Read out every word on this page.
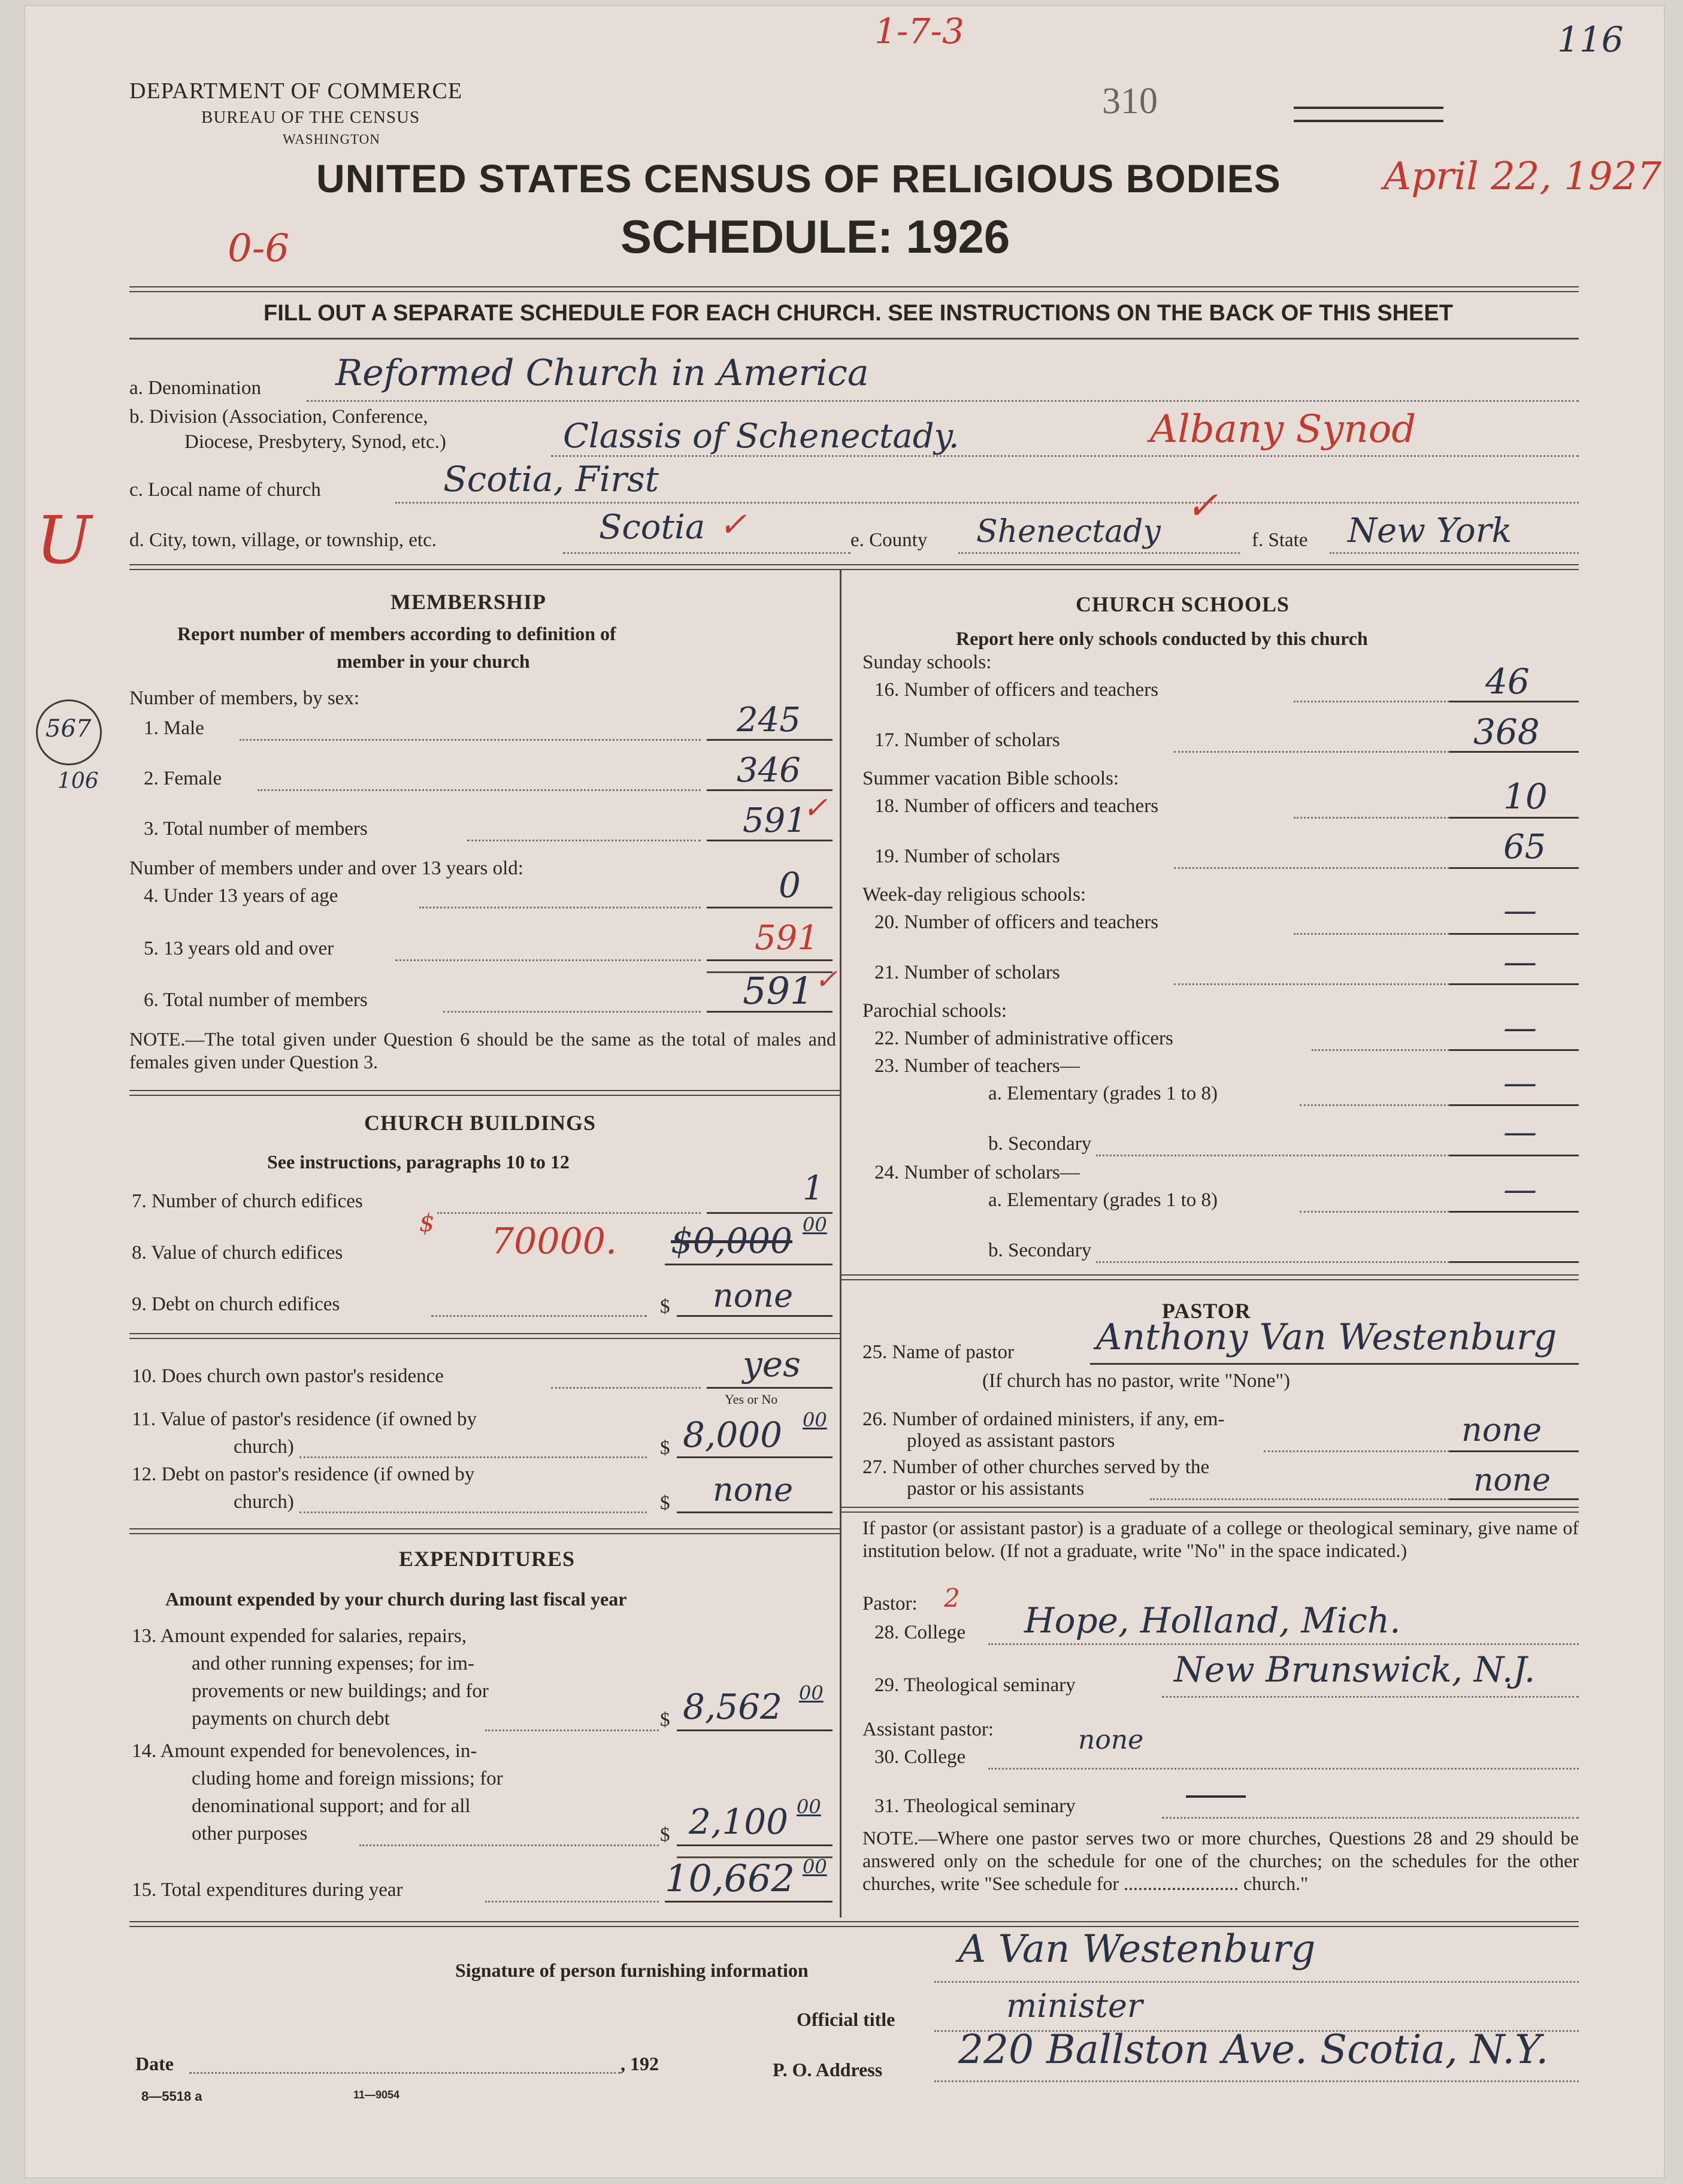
DEPARTMENT OF COMMERCE
BUREAU OF THE CENSUS
WASHINGTON
310
1-7-3	116
UNITED STATES CENSUS OF RELIGIOUS BODIES
SCHEDULE: 1926
April 22, 1927
0-6
FILL OUT A SEPARATE SCHEDULE FOR EACH CHURCH. SEE INSTRUCTIONS ON THE BACK OF THIS SHEET
a. Denomination Reformed Church in America
b. Division (Association, Conference,
Diocese, Presbytery, Synod, etc.)	Classis of Schenectady.	Albany Synod
c. Local name of church	Scotia, First
U d. City, town, village, or township, etc.	Scotia ✓	e. County Shenectady
✓
f. State New York
MEMBERSHIP
Report number of members according to definition of
member in your church
567
106
Number of members, by sex:
1. Male	245
2. Female	346
3. Total number of members	591
✓
Number of members under and over 13 years old:
4. Under 13 years of age	0
5. 13 years old and over	591
6. Total number of members	591 ✓
NOTE.—The total given under Question 6 should be the same as the total of males and females given under Question 3.
CHURCH BUILDINGS
See instructions, paragraphs 10 to 12
7. Number of church edifices	1
8. Value of church edifices
$ 70000. $0,000 00
9. Debt on church edifices	$ none
10. Does church own pastor's residence	yes
Yes or No
11. Value of pastor's residence (if owned by
church)	$ 8,000 00
12. Debt on pastor's residence (if owned by
church)	$ none
EXPENDITURES
Amount expended by your church during last fiscal year
13. Amount expended for salaries, repairs,
and other running expenses; for im-
provements or new buildings; and for
payments on church debt	$ 8,562 00
14. Amount expended for benevolences, in-
cluding home and foreign missions; for
denominational support; and for all
other purposes	$ 2,100 00
15. Total expenditures during year	10,662 00
CHURCH SCHOOLS
Report here only schools conducted by this church
Sunday schools:
16. Number of officers and teachers	46
17. Number of scholars	368
Summer vacation Bible schools:
18. Number of officers and teachers	10
19. Number of scholars	65
Week-day religious schools:
20. Number of officers and teachers	—
21. Number of scholars	—
Parochial schools:
22. Number of administrative officers	—
23. Number of teachers—
a. Elementary (grades 1 to 8)	—
b. Secondary	—
24. Number of scholars—
a. Elementary (grades 1 to 8)	—
b. Secondary
PASTOR
25. Name of pastor Anthony Van Westenburg
(If church has no pastor, write "None")
26. Number of ordained ministers, if any, em-
ployed as assistant pastors	none
27. Number of other churches served by the
pastor or his assistants	none
If pastor (or assistant pastor) is a graduate of a college or theological seminary, give name of institution below. (If not a graduate, write "No" in the space indicated.)
Pastor: 2
28. College Hope, Holland, Mich.
29. Theological seminary	New Brunswick, N.J.
Assistant pastor:
30. College
none
31. Theological seminary
NOTE.—Where one pastor serves two or more churches, Questions 28 and 29 should be answered only on the schedule for one of the churches; on the schedules for the other churches, write "See schedule for ........................ church."
Signature of person furnishing information	A Van Westenburg
Official title	minister
Date	, 192	P. O. Address 220 Ballston Ave. Scotia, N.Y.
8—5518 a	11—9054
